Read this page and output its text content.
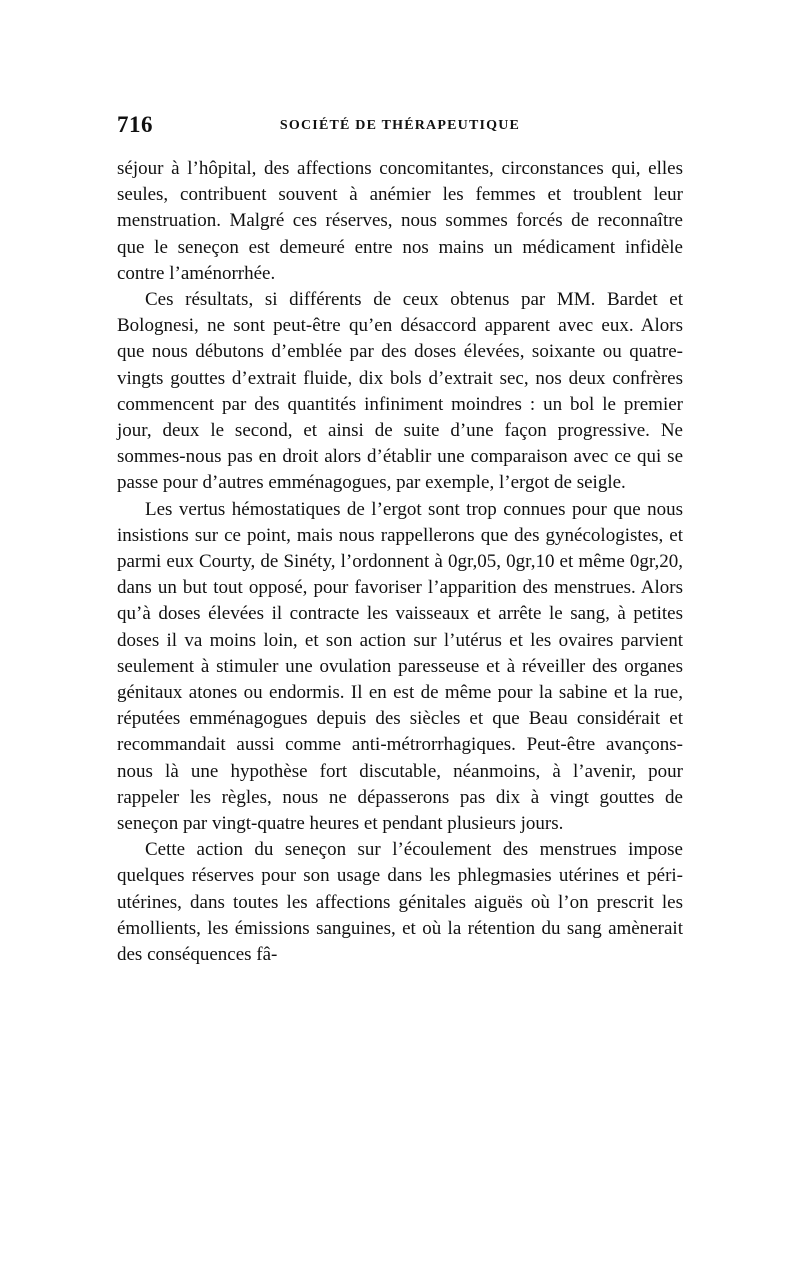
716	SOCIÉTÉ DE THÉRAPEUTIQUE

séjour à l’hôpital, des affections concomitantes, circonstances qui, elles seules, contribuent souvent à anémier les femmes et troublent leur menstruation. Malgré ces réserves, nous sommes forcés de reconnaître que le seneçon est demeuré entre nos mains un médicament infidèle contre l’aménorrhée.

Ces résultats, si différents de ceux obtenus par MM. Bardet et Bolognesi, ne sont peut-être qu’en désaccord apparent avec eux. Alors que nous débutons d’emblée par des doses élevées, soixante ou quatre-vingts gouttes d’extrait fluide, dix bols d’extrait sec, nos deux confrères commencent par des quantités infiniment moindres : un bol le premier jour, deux le second, et ainsi de suite d’une façon progressive. Ne sommes-nous pas en droit alors d’établir une comparaison avec ce qui se passe pour d’autres emménagogues, par exemple, l’ergot de seigle.

Les vertus hémostatiques de l’ergot sont trop connues pour que nous insistions sur ce point, mais nous rappellerons que des gynécologistes, et parmi eux Courty, de Sinéty, l’ordonnent à 0gr,05, 0gr,10 et même 0gr,20, dans un but tout opposé, pour favoriser l’apparition des menstrues. Alors qu’à doses élevées il contracte les vaisseaux et arrête le sang, à petites doses il va moins loin, et son action sur l’utérus et les ovaires parvient seulement à stimuler une ovulation paresseuse et à réveiller des organes génitaux atones ou endormis. Il en est de même pour la sabine et la rue, réputées emménagogues depuis des siècles et que Beau considérait et recommandait aussi comme anti-métrorrhagiques. Peut-être avançons-nous là une hypothèse fort discutable, néanmoins, à l’avenir, pour rappeler les règles, nous ne dépasserons pas dix à vingt gouttes de seneçon par vingt-quatre heures et pendant plusieurs jours.

Cette action du seneçon sur l’écoulement des menstrues impose quelques réserves pour son usage dans les phlegmasies utérines et péri-utérines, dans toutes les affections génitales aiguës où l’on prescrit les émollients, les émissions sanguines, et où la rétention du sang amènerait des conséquences fâ-
